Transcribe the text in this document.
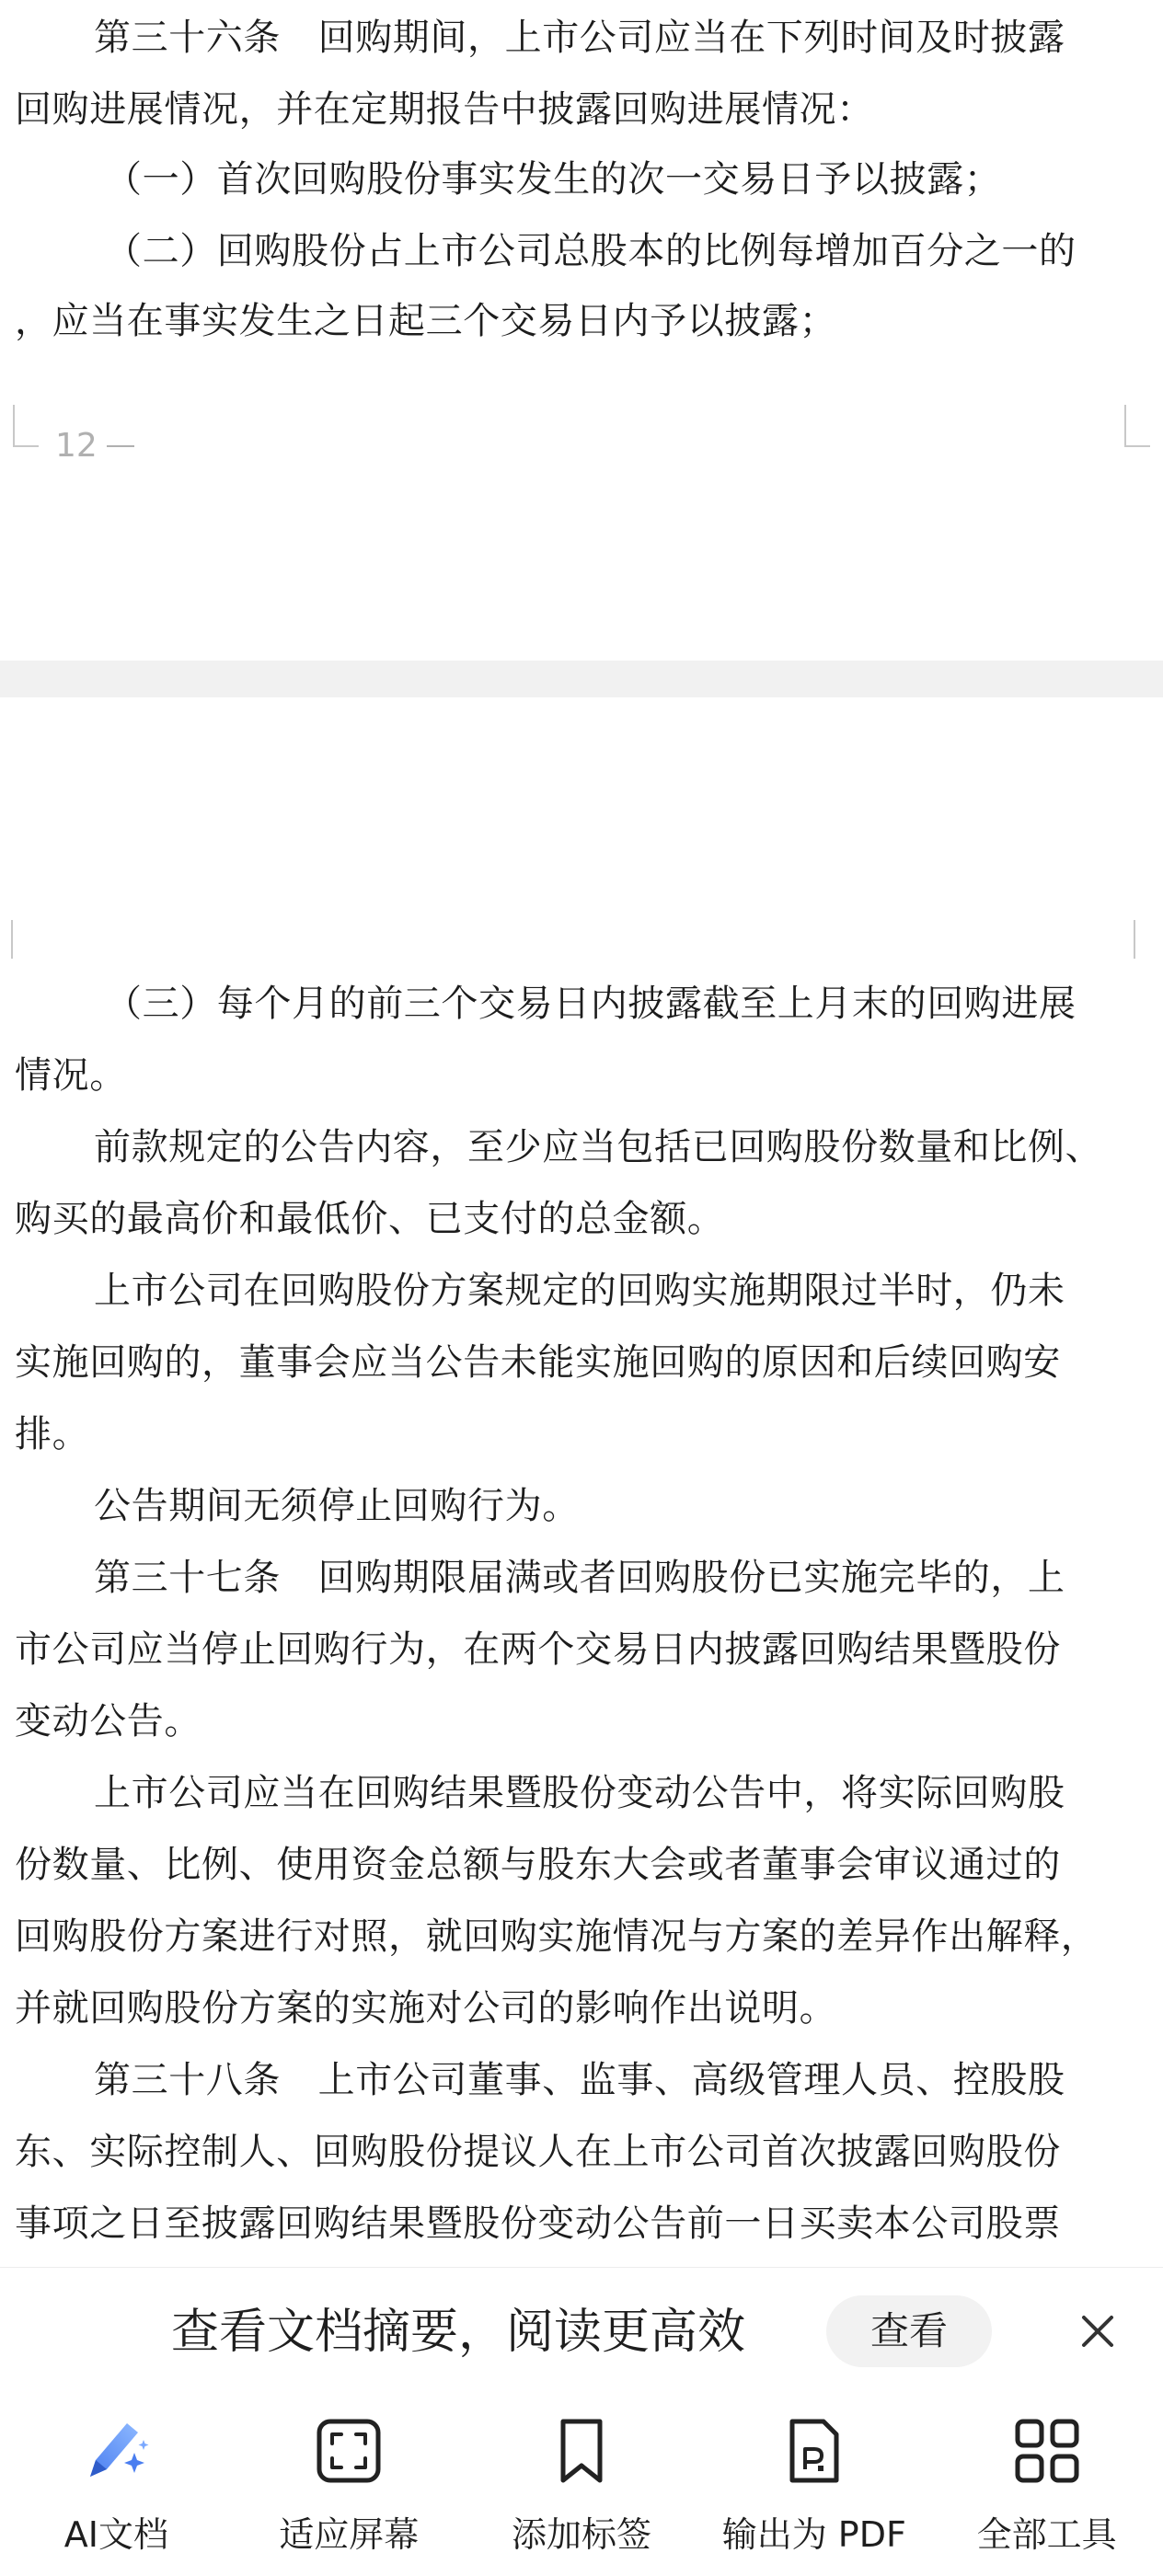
第三十六条　回购期间，上市公司应当在下列时间及时披露
回购进展情况，并在定期报告中披露回购进展情况：
（一）首次回购股份事实发生的次一交易日予以披露；
（二）回购股份占上市公司总股本的比例每增加百分之一的
，应当在事实发生之日起三个交易日内予以披露；
12
（三）每个月的前三个交易日内披露截至上月末的回购进展
情况。
前款规定的公告内容，至少应当包括已回购股份数量和比例、
购买的最高价和最低价、已支付的总金额。
上市公司在回购股份方案规定的回购实施期限过半时，仍未
实施回购的，董事会应当公告未能实施回购的原因和后续回购安
排。
公告期间无须停止回购行为。
第三十七条　回购期限届满或者回购股份已实施完毕的，上
市公司应当停止回购行为，在两个交易日内披露回购结果暨股份
变动公告。
上市公司应当在回购结果暨股份变动公告中，将实际回购股
份数量、比例、使用资金总额与股东大会或者董事会审议通过的
回购股份方案进行对照，就回购实施情况与方案的差异作出解释，
并就回购股份方案的实施对公司的影响作出说明。
第三十八条　上市公司董事、监事、高级管理人员、控股股
东、实际控制人、回购股份提议人在上市公司首次披露回购股份
事项之日至披露回购结果暨股份变动公告前一日买卖本公司股票
查看文档摘要，阅读更高效	查看
AI文档	适应屏幕	添加标签	输出为 PDF	全部工具
